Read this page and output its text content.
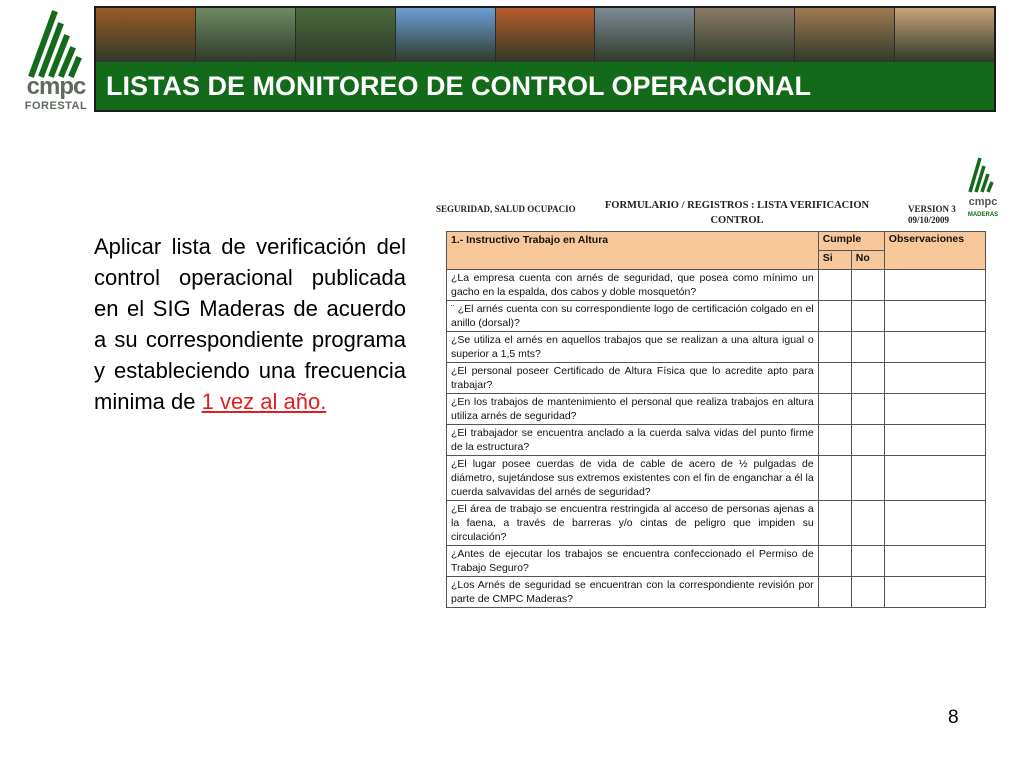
cmpc
FORESTAL
LISTAS DE MONITOREO DE CONTROL OPERACIONAL
Aplicar lista de verificación del control operacional publicada en el SIG Maderas de acuerdo a su correspondiente programa y estableciendo una frecuencia minima de 1 vez al año.
cmpc
MADERAS
SEGURIDAD, SALUD OCUPACIO	FORMULARIO / REGISTROS : LISTA VERIFICACION CONTROL
VERSION 3
09/10/2009
1.- Instructivo Trabajo en Altura	Cumple		Observaciones
	Si	No	
¿La empresa cuenta con arnés de seguridad, que posea como mínimo un gacho en la espalda, dos cabos y doble mosquetón?			
¨ ¿El arnés cuenta con su correspondiente logo de certificación colgado en el anillo (dorsal)?			
¿Se utiliza el arnés en aquellos trabajos que se realizan a una altura igual o superior a 1,5 mts?			
¿El personal poseer Certificado de Altura Física que lo acredite apto para trabajar?			
¿En los trabajos de mantenimiento el personal que realiza trabajos en altura utiliza arnés de seguridad?			
¿El trabajador se encuentra anclado a la cuerda salva vidas del punto firme de la estructura?			
¿El lugar posee cuerdas de vida de cable de acero de ½ pulgadas de diámetro, sujetándose sus extremos existentes con el fin de enganchar a él la cuerda salvavidas del arnés de seguridad?			
¿El área de trabajo se encuentra restringida al acceso de personas ajenas a la faena, a través de barreras y/o cintas de peligro que impiden su circulación?			
¿Antes de ejecutar los trabajos se encuentra confeccionado el Permiso de Trabajo Seguro?			
¿Los Arnés de seguridad se encuentran con la correspondiente revisión por parte de CMPC Maderas?			
8
